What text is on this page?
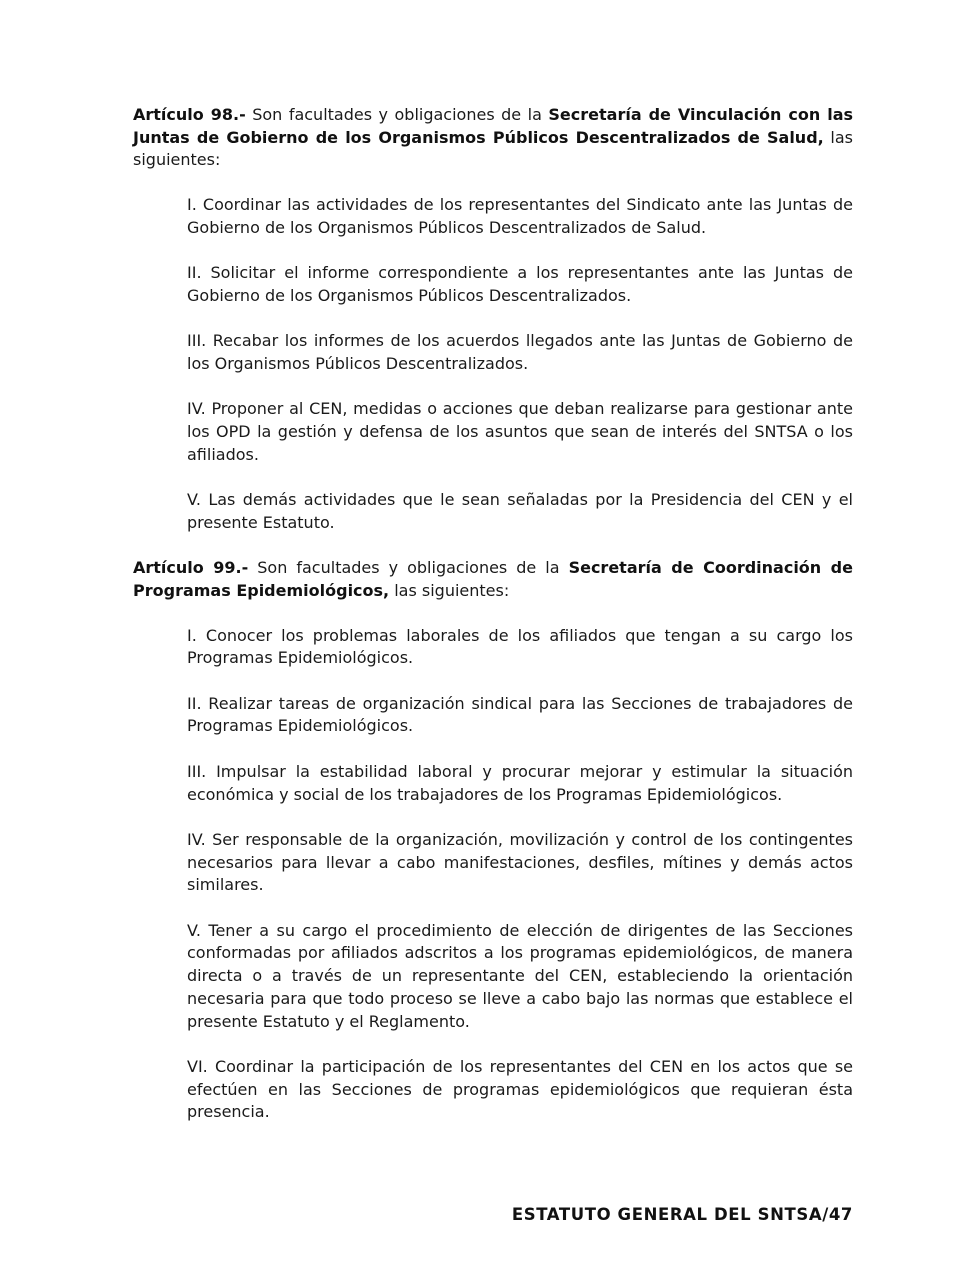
Artículo 98.- Son facultades y obligaciones de la Secretaría de Vinculación con las Juntas de Gobierno de los Organismos Públicos Descentralizados de Salud, las siguientes:

I. Coordinar las actividades de los representantes del Sindicato ante las Juntas de Gobierno de los Organismos Públicos Descentralizados de Salud.

II. Solicitar el informe correspondiente a los representantes ante las Juntas de Gobierno de los Organismos Públicos Descentralizados.

III. Recabar los informes de los acuerdos llegados ante las Juntas de Gobierno de los Organismos Públicos Descentralizados.

IV. Proponer al CEN, medidas o acciones que deban realizarse para gestionar ante los OPD la gestión y defensa de los asuntos que sean de interés del SNTSA o los afiliados.

V. Las demás actividades que le sean señaladas por la Presidencia del CEN y el presente Estatuto.

Artículo 99.- Son facultades y obligaciones de la Secretaría de Coordinación de Programas Epidemiológicos, las siguientes:

I. Conocer los problemas laborales de los afiliados que tengan a su cargo los Programas Epidemiológicos.

II. Realizar tareas de organización sindical para las Secciones de trabajadores de Programas Epidemiológicos.

III. Impulsar la estabilidad laboral y procurar mejorar y estimular la situación económica y social de los trabajadores de los Programas Epidemiológicos.

IV. Ser responsable de la organización, movilización y control de los contingentes necesarios para llevar a cabo manifestaciones, desfiles, mítines y demás actos similares.

V. Tener a su cargo el procedimiento de elección de dirigentes de las Secciones conformadas por afiliados adscritos a los programas epidemiológicos, de manera directa o a través de un representante del CEN, estableciendo la orientación necesaria para que todo proceso se lleve a cabo bajo las normas que establece el presente Estatuto y el Reglamento.

VI. Coordinar la participación de los representantes del CEN en los actos que se efectúen en las Secciones de programas epidemiológicos que requieran ésta presencia.

ESTATUTO GENERAL DEL SNTSA/47
